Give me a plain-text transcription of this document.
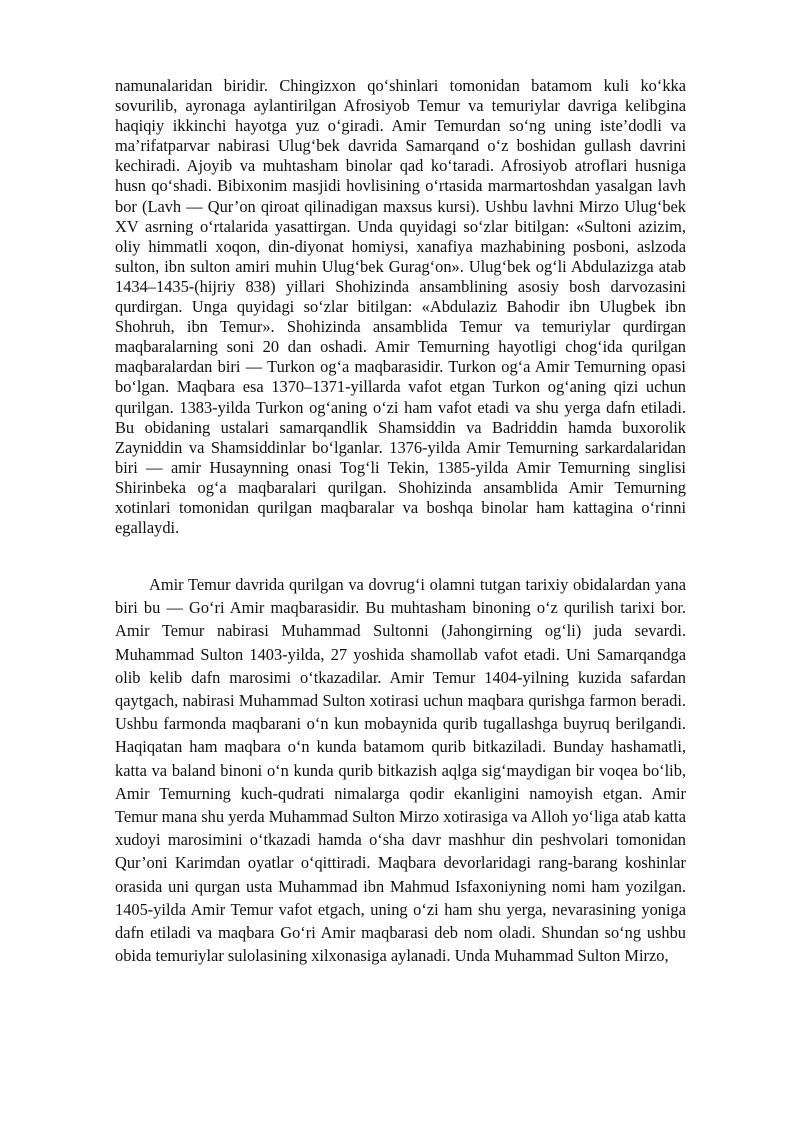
namunalaridan biridir. Chingizxon qo‘shinlari tomonidan batamom kuli ko‘kka sovurilib, ayronaga aylantirilgan Afrosiyob Temur va temuriylar davriga kelibgina haqiqiy ikkinchi hayotga yuz o‘giradi. Amir Temurdan so‘ng uning iste’dodli va ma’rifatparvar nabirasi Ulug‘bek davrida Samarqand o‘z boshidan gullash davrini kechiradi. Ajoyib va muhtasham binolar qad ko‘taradi. Afrosiyob atroflari husniga husn qo‘shadi. Bibixonim masjidi hovlisining o‘rtasida marmartoshdan yasalgan lavh bor (Lavh — Qur’on qiroat qilinadigan maxsus kursi). Ushbu lavhni Mirzo Ulug‘bek XV asrning o‘rtalarida yasattirgan. Unda quyidagi so‘zlar bitilgan: «Sultoni azizim, oliy himmatli xoqon, din-diyonat homiysi, xanafiya mazhabining posboni, aslzoda sulton, ibn sulton amiri muhin Ulug‘bek Gurag‘on». Ulug‘bek og‘li Abdulazizga atab 1434–1435-(hijriy 838) yillari Shohizinda ansamblining asosiy bosh darvozasini qurdirgan. Unga quyidagi so‘zlar bitilgan: «Abdulaziz Bahodir ibn Ulugbek ibn Shohruh, ibn Temur». Shohizinda ansamblida Temur va temuriylar qurdirgan maqbaralarning soni 20 dan oshadi. Amir Temurning hayotligi chog‘ida qurilgan maqbaralardan biri — Turkon og‘a maqbarasidir. Turkon og‘a Amir Temurning opasi bo‘lgan. Maqbara esa 1370–1371-yillarda vafot etgan Turkon og‘aning qizi uchun qurilgan. 1383-yilda Turkon og‘aning o‘zi ham vafot etadi va shu yerga dafn etiladi. Bu obidaning ustalari samarqandlik Shamsiddin va Badriddin hamda buxorolik Zayniddin va Shamsiddinlar bo‘lganlar. 1376-yilda Amir Temurning sarkardalaridan biri — amir Husaynning onasi Tog‘li Tekin, 1385-yilda Amir Temurning singlisi Shirinbeka og‘a maqbaralari qurilgan. Shohizinda ansamblida Amir Temurning xotinlari tomonidan qurilgan maqbaralar va boshqa binolar ham kattagina o‘rinni egallaydi.

Amir Temur davrida qurilgan va dovrug‘i olamni tutgan tarixiy obidalardan yana biri bu — Go‘ri Amir maqbarasidir. Bu muhtasham binoning o‘z qurilish tarixi bor. Amir Temur nabirasi Muhammad Sultonni (Jahongirning og‘li) juda sevardi. Muhammad Sulton 1403-yilda, 27 yoshida shamollab vafot etadi. Uni Samarqandga olib kelib dafn marosimi o‘tkazadilar. Amir Temur 1404-yilning kuzida safardan qaytgach, nabirasi Muhammad Sulton xotirasi uchun maqbara qurishga farmon beradi. Ushbu farmonda maqbarani o‘n kun mobaynida qurib tugallashga buyruq berilgandi. Haqiqatan ham maqbara o‘n kunda batamom qurib bitkaziladi. Bunday hashamatli, katta va baland binoni o‘n kunda qurib bitkazish aqlga sig‘maydigan bir voqea bo‘lib, Amir Temurning kuch-qudrati nimalarga qodir ekanligini namoyish etgan. Amir Temur mana shu yerda Muhammad Sulton Mirzo xotirasiga va Alloh yo‘liga atab katta xudoyi marosimini o‘tkazadi hamda o‘sha davr mashhur din peshvolari tomonidan Qur’oni Karimdan oyatlar o‘qittiradi. Maqbara devorlaridagi rang-barang koshinlar orasida uni qurgan usta Muhammad ibn Mahmud Isfaxoniyning nomi ham yozilgan. 1405-yilda Amir Temur vafot etgach, uning o‘zi ham shu yerga, nevarasining yoniga dafn etiladi va maqbara Go‘ri Amir maqbarasi deb nom oladi. Shundan so‘ng ushbu obida temuriylar sulolasining xilxonasiga aylanadi. Unda Muhammad Sulton Mirzo,
